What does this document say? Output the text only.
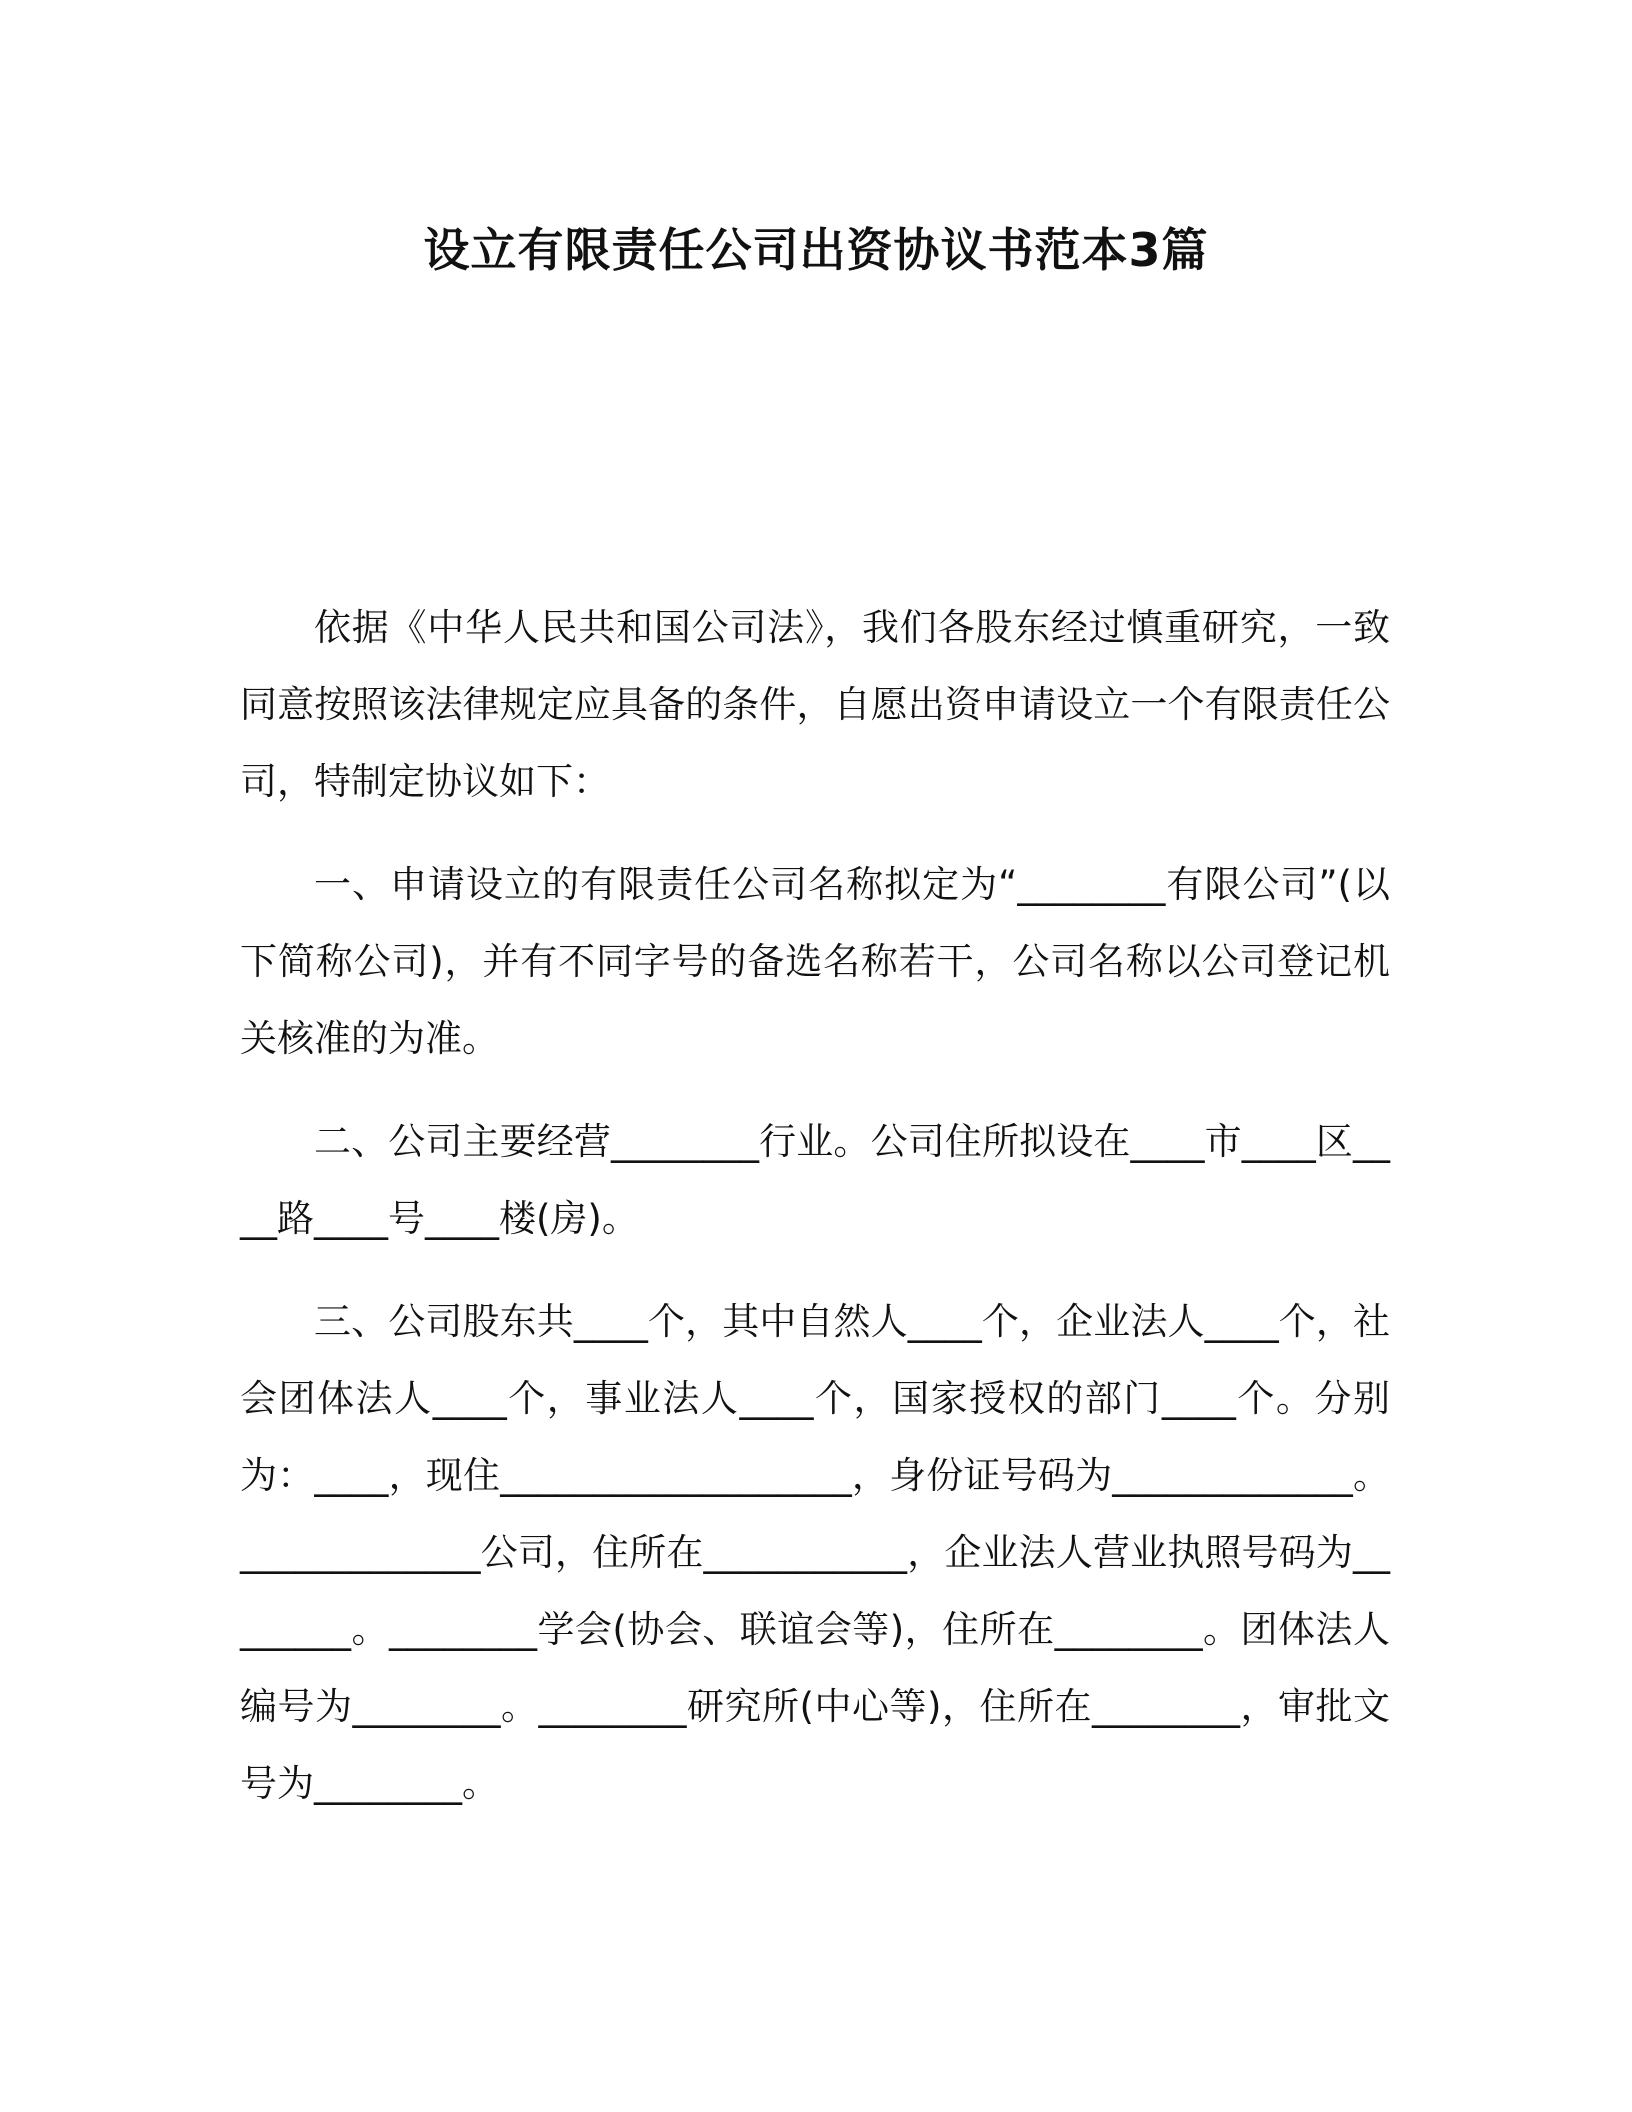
设立有限责任公司出资协议书范本3篇

依据《中华人民共和国公司法》，我们各股东经过慎重研究，一致同意按照该法律规定应具备的条件，自愿出资申请设立一个有限责任公司，特制定协议如下：

一、申请设立的有限责任公司名称拟定为“________有限公司”(以下简称公司)，并有不同字号的备选名称若干，公司名称以公司登记机关核准的为准。

二、公司主要经营________行业。公司住所拟设在____市____区____路____号____楼(房)。

三、公司股东共____个，其中自然人____个，企业法人____个，社会团体法人____个，事业法人____个，国家授权的部门____个。分别为：____，现住___________________，身份证号码为_____________。_____________公司，住所在___________，企业法人营业执照号码为________。________学会(协会、联谊会等)，住所在________。团体法人编号为________。________研究所(中心等)，住所在________，审批文号为________。
